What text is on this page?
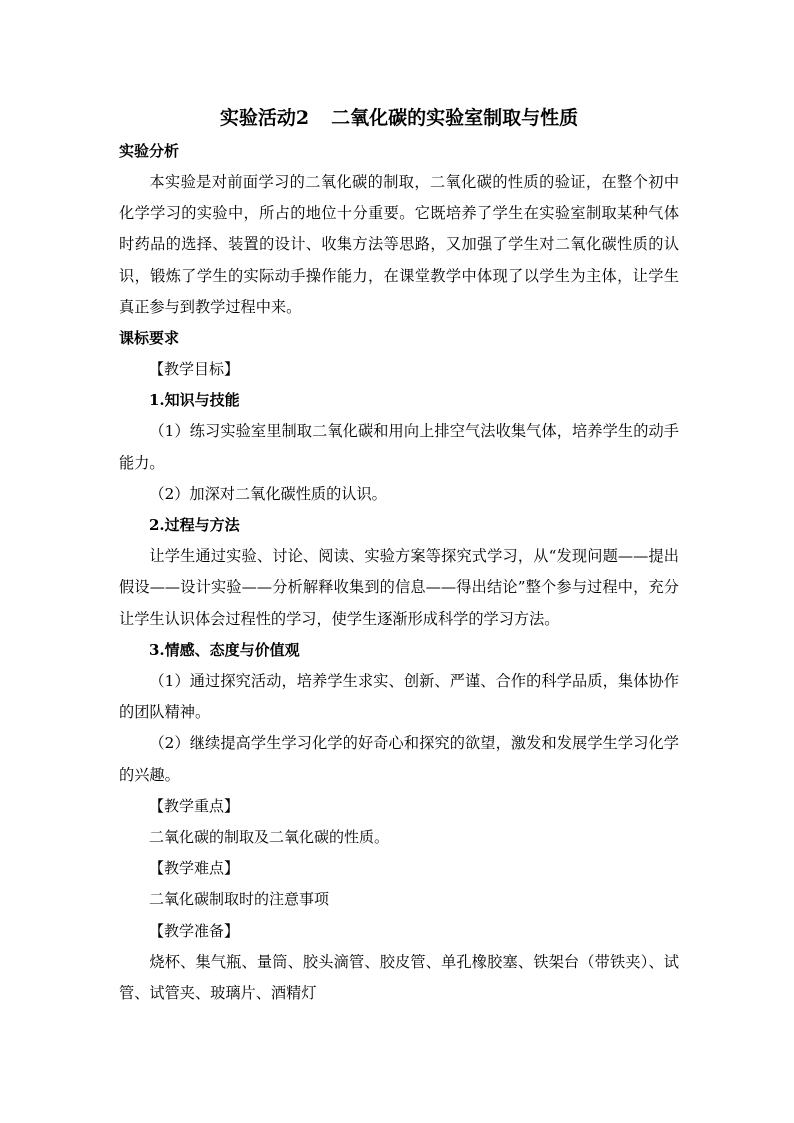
实验活动2 二氧化碳的实验室制取与性质
实验分析
本实验是对前面学习的二氧化碳的制取，二氧化碳的性质的验证，在整个初中化学学习的实验中，所占的地位十分重要。它既培养了学生在实验室制取某种气体时药品的选择、装置的设计、收集方法等思路，又加强了学生对二氧化碳性质的认识，锻炼了学生的实际动手操作能力，在课堂教学中体现了以学生为主体，让学生真正参与到教学过程中来。
课标要求
【教学目标】
1.知识与技能
（1）练习实验室里制取二氧化碳和用向上排空气法收集气体，培养学生的动手能力。
（2）加深对二氧化碳性质的认识。
2.过程与方法
让学生通过实验、讨论、阅读、实验方案等探究式学习，从“发现问题——提出假设——设计实验——分析解释收集到的信息——得出结论”整个参与过程中，充分让学生认识体会过程性的学习，使学生逐渐形成科学的学习方法。
3.情感、态度与价值观
（1）通过探究活动，培养学生求实、创新、严谨、合作的科学品质，集体协作的团队精神。
（2）继续提高学生学习化学的好奇心和探究的欲望，激发和发展学生学习化学的兴趣。
【教学重点】
二氧化碳的制取及二氧化碳的性质。
【教学难点】
二氧化碳制取时的注意事项
【教学准备】
烧杯、集气瓶、量筒、胶头滴管、胶皮管、单孔橡胶塞、铁架台（带铁夹）、试管、试管夹、玻璃片、酒精灯
